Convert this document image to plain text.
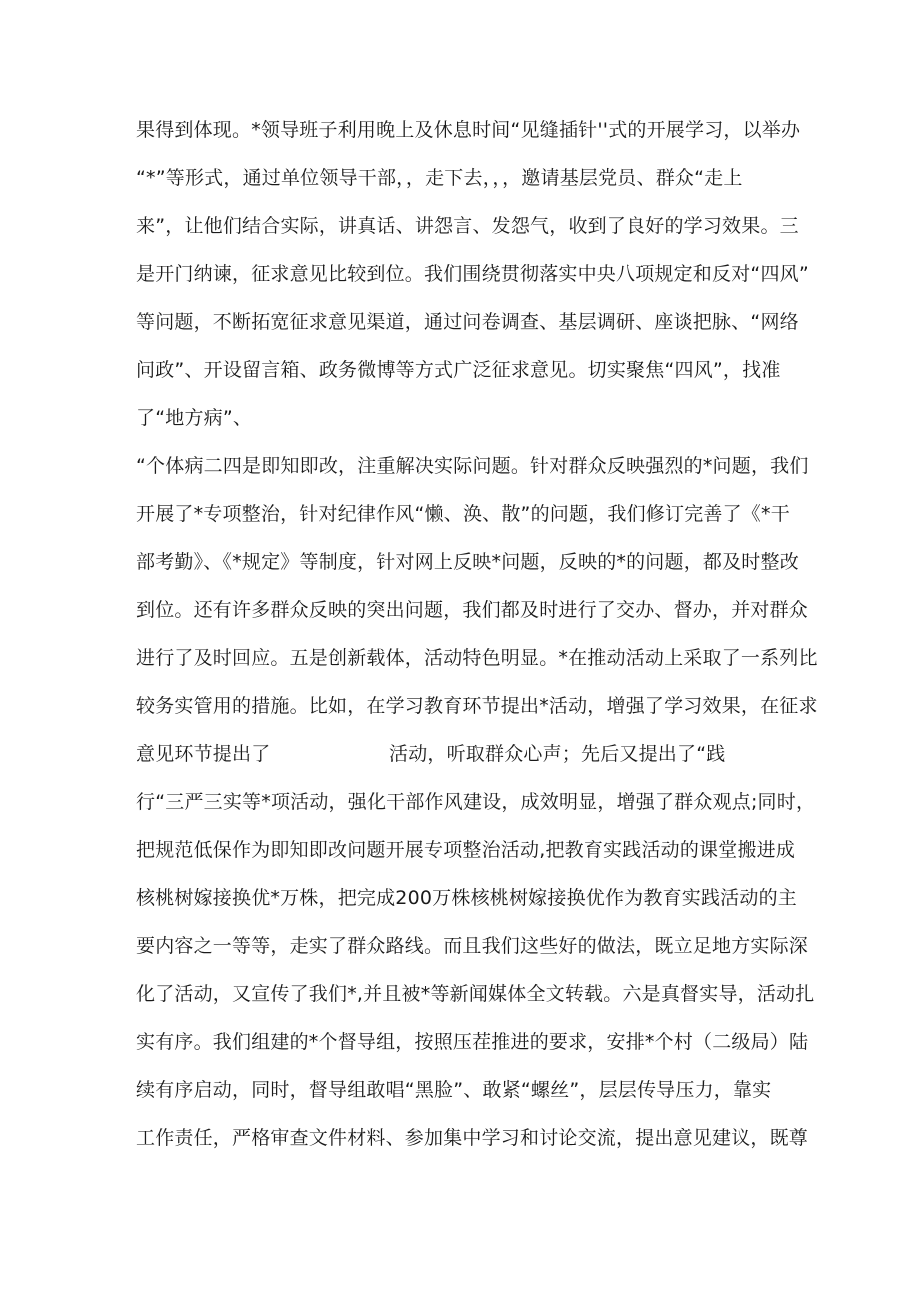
果得到体现。*领导班子利用晚上及休息时间“见缝插针''式的开展学习，以举办
“*”等形式，通过单位领导干部，，走下去，，，邀请基层党员、群众“走上
来”，让他们结合实际，讲真话、讲怨言、发怨气，收到了良好的学习效果。三
是开门纳谏，征求意见比较到位。我们围绕贯彻落实中央八项规定和反对“四风”
等问题，不断拓宽征求意见渠道，通过问卷调查、基层调研、座谈把脉、“网络
问政”、开设留言箱、政务微博等方式广泛征求意见。切实聚焦“四风”，找准
了“地方病”、
“个体病二四是即知即改，注重解决实际问题。针对群众反映强烈的*问题，我们
开展了*专项整治，针对纪律作风“懒、涣、散”的问题，我们修订完善了《*干
部考勤》、《*规定》等制度，针对网上反映*问题，反映的*的问题，都及时整改
到位。还有许多群众反映的突出问题，我们都及时进行了交办、督办，并对群众
进行了及时回应。五是创新载体，活动特色明显。*在推动活动上采取了一系列比
较务实管用的措施。比如，在学习教育环节提出*活动，增强了学习效果，在征求
意见环节提出了	活动，听取群众心声；先后又提出了“践
行“三严三实等*项活动，强化干部作风建设，成效明显，增强了群众观点;同时，
把规范低保作为即知即改问题开展专项整治活动,把教育实践活动的课堂搬进成
核桃树嫁接换优*万株，把完成200万株核桃树嫁接换优作为教育实践活动的主
要内容之一等等，走实了群众路线。而且我们这些好的做法，既立足地方实际深
化了活动，又宣传了我们*,并且被*等新闻媒体全文转载。六是真督实导，活动扎
实有序。我们组建的*个督导组，按照压茬推进的要求，安排*个村（二级局）陆
续有序启动，同时，督导组敢唱“黑脸”、敢紧“螺丝”，层层传导压力，靠实
工作责任，严格审查文件材料、参加集中学习和讨论交流，提出意见建议，既尊
